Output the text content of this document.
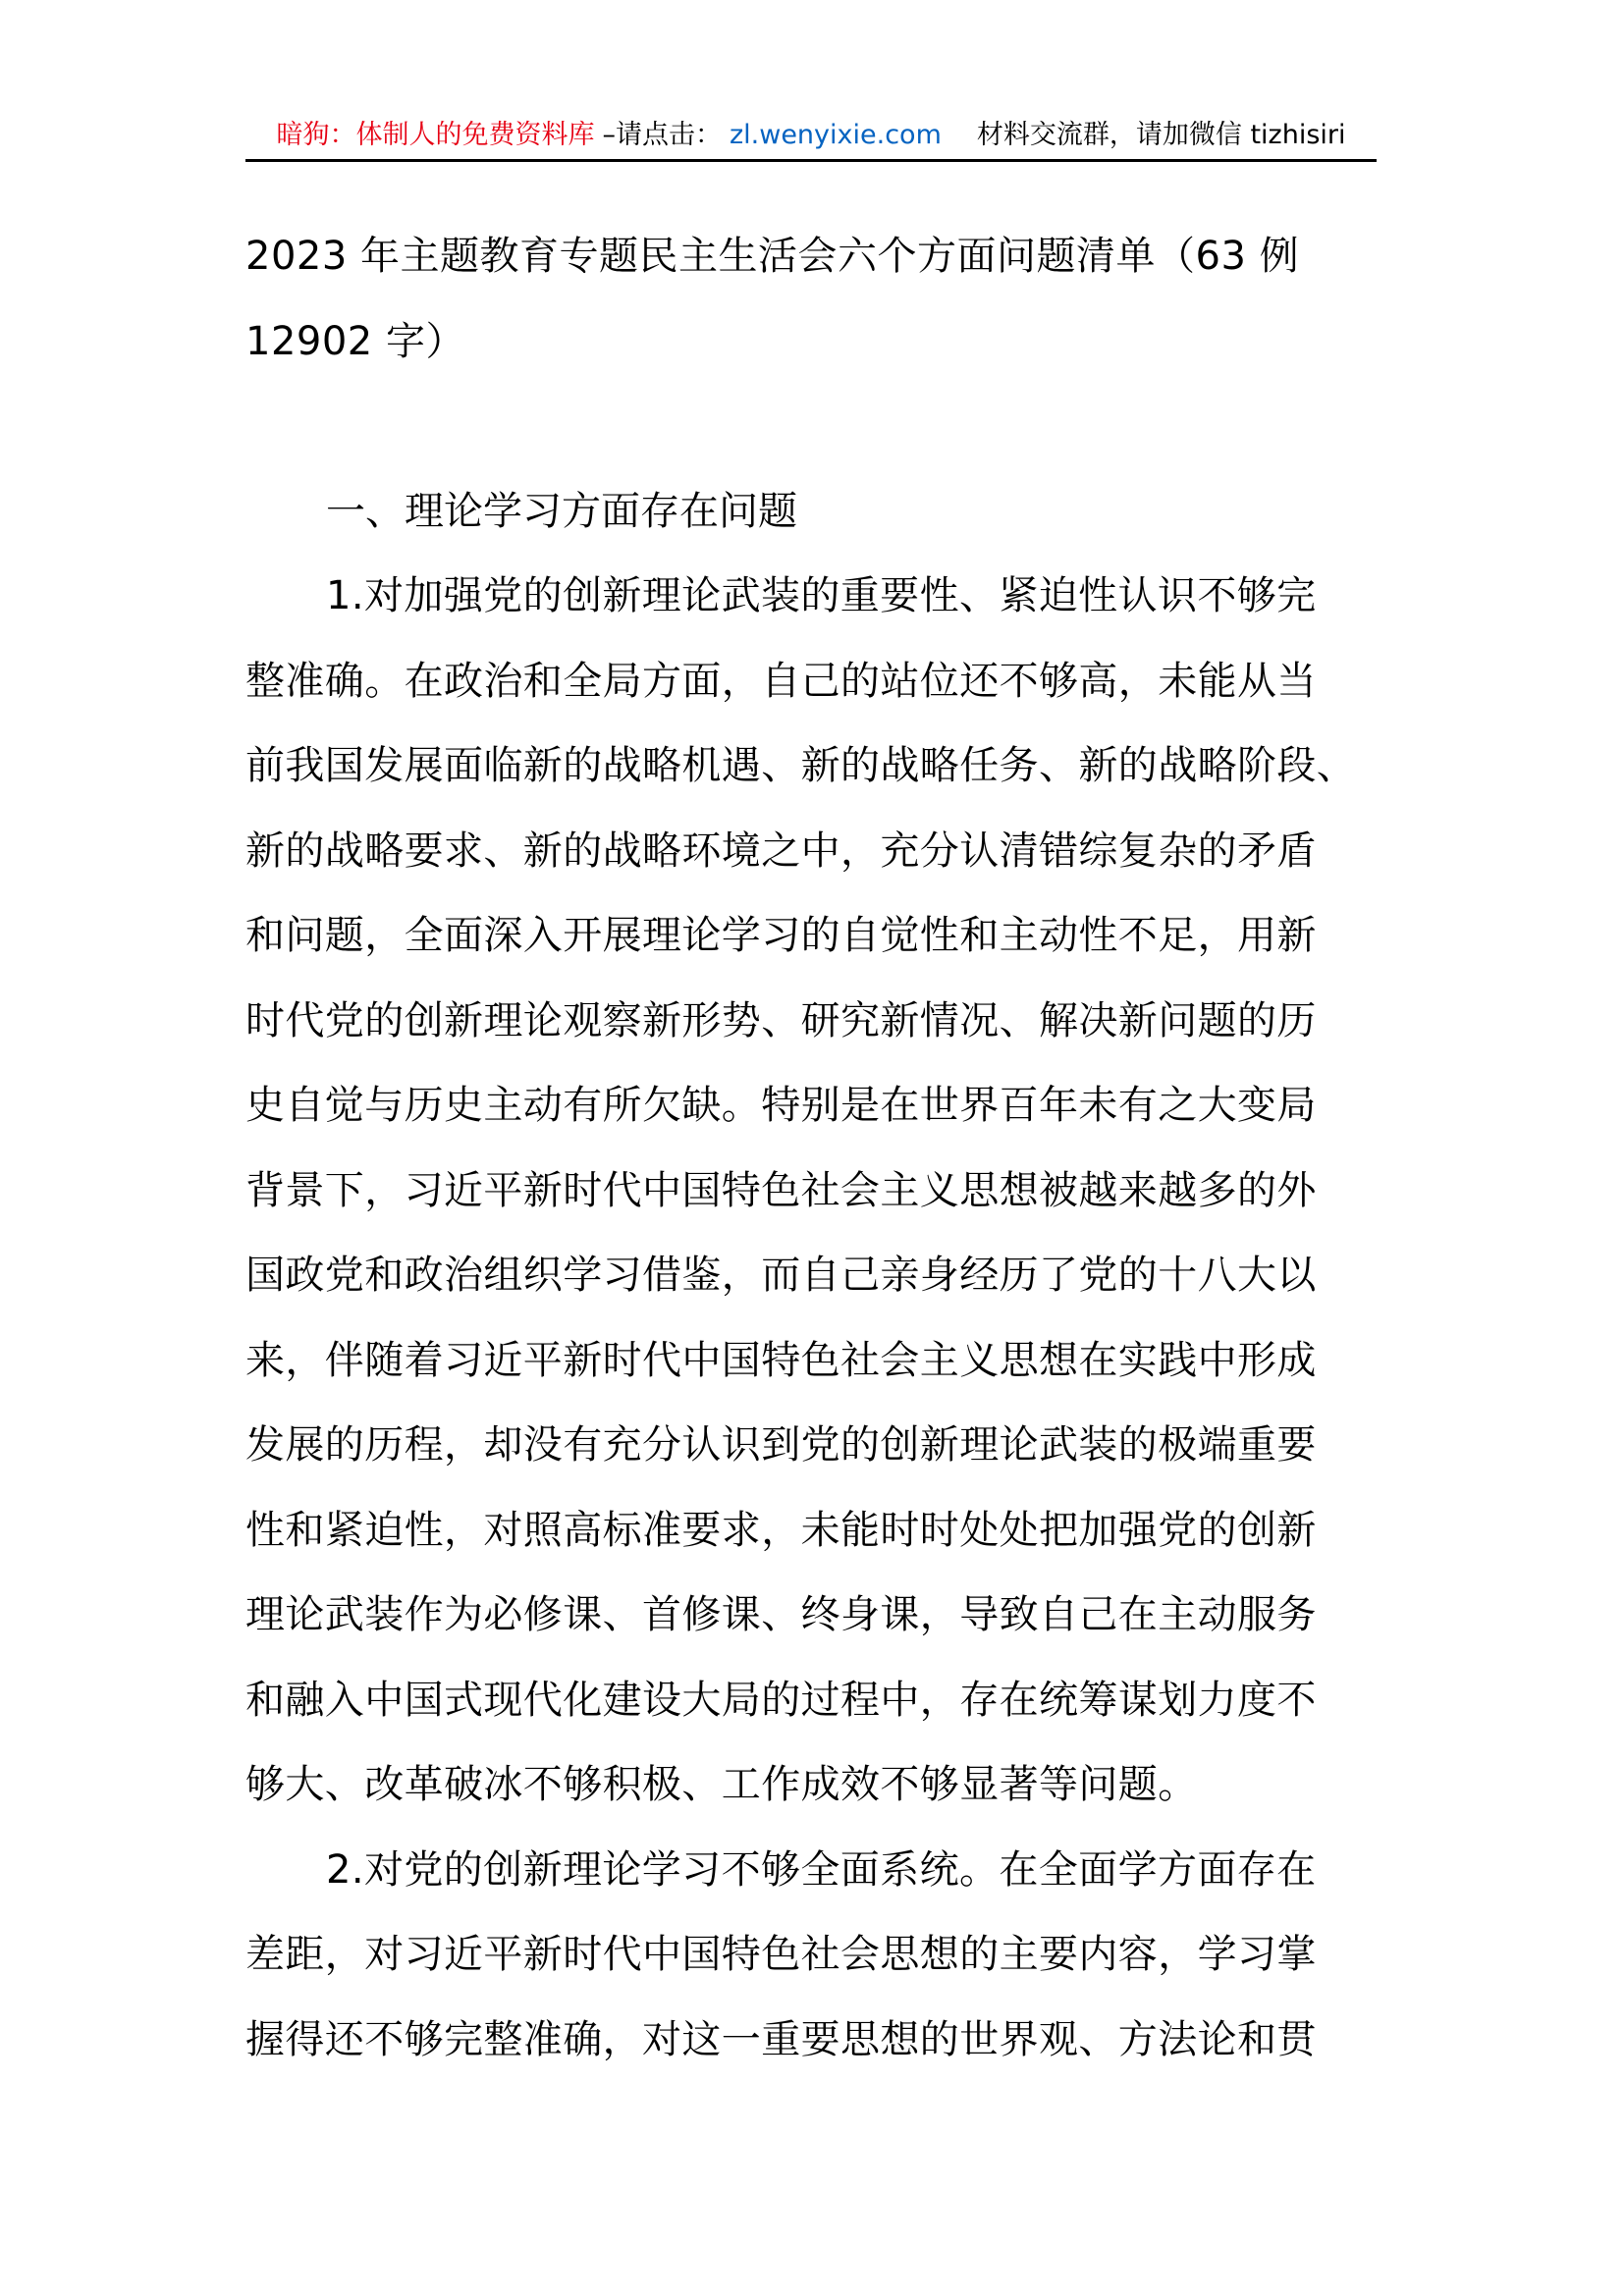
暗狗：体制人的免费资料库 –请点击： zl.wenyixie.com 材料交流群，请加微信 tizhisiri
2023 年主题教育专题民主生活会六个方面问题清单（63 例
12902 字）
一、理论学习方面存在问题
1.对加强党的创新理论武装的重要性、紧迫性认识不够完
整准确。在政治和全局方面，自己的站位还不够高，未能从当
前我国发展面临新的战略机遇、新的战略任务、新的战略阶段、
新的战略要求、新的战略环境之中，充分认清错综复杂的矛盾
和问题，全面深入开展理论学习的自觉性和主动性不足，用新
时代党的创新理论观察新形势、研究新情况、解决新问题的历
史自觉与历史主动有所欠缺。特别是在世界百年未有之大变局
背景下，习近平新时代中国特色社会主义思想被越来越多的外
国政党和政治组织学习借鉴，而自己亲身经历了党的十八大以
来，伴随着习近平新时代中国特色社会主义思想在实践中形成
发展的历程，却没有充分认识到党的创新理论武装的极端重要
性和紧迫性，对照高标准要求，未能时时处处把加强党的创新
理论武装作为必修课、首修课、终身课，导致自己在主动服务
和融入中国式现代化建设大局的过程中，存在统筹谋划力度不
够大、改革破冰不够积极、工作成效不够显著等问题。
2.对党的创新理论学习不够全面系统。在全面学方面存在
差距，对习近平新时代中国特色社会思想的主要内容，学习掌
握得还不够完整准确，对这一重要思想的世界观、方法论和贯
